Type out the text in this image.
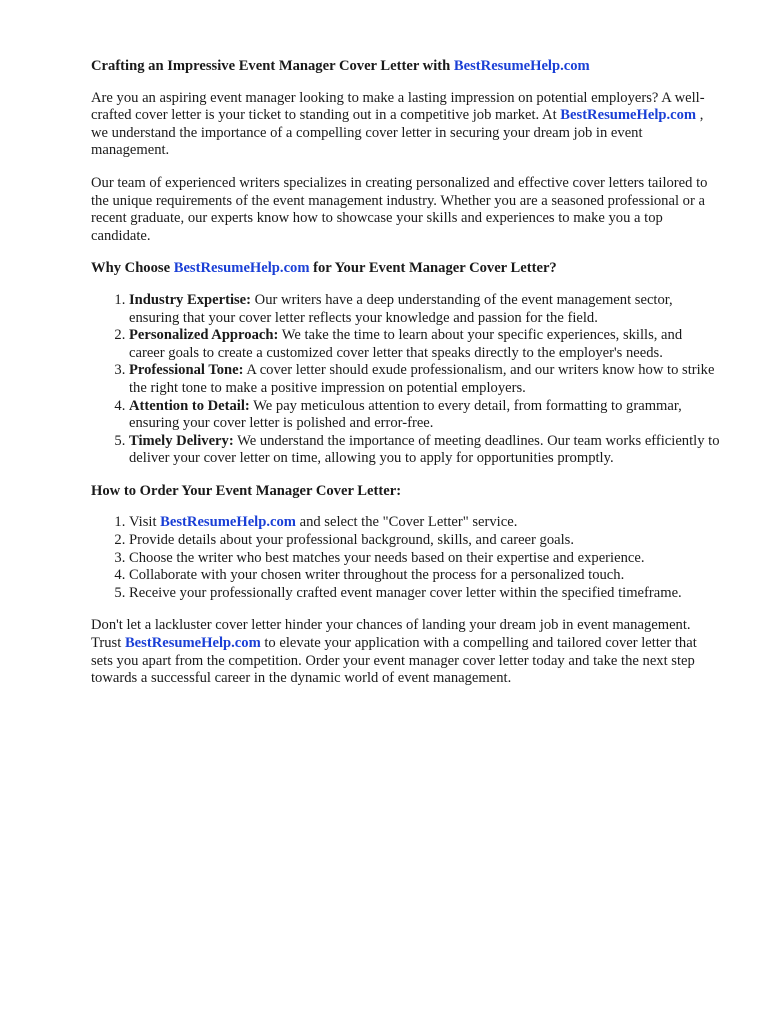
Crafting an Impressive Event Manager Cover Letter with BestResumeHelp.com

Are you an aspiring event manager looking to make a lasting impression on potential employers? A well-crafted cover letter is your ticket to standing out in a competitive job market. At BestResumeHelp.com , we understand the importance of a compelling cover letter in securing your dream job in event management.

Our team of experienced writers specializes in creating personalized and effective cover letters tailored to the unique requirements of the event management industry. Whether you are a seasoned professional or a recent graduate, our experts know how to showcase your skills and experiences to make you a top candidate.

Why Choose BestResumeHelp.com for Your Event Manager Cover Letter?
1. Industry Expertise: Our writers have a deep understanding of the event management sector, ensuring that your cover letter reflects your knowledge and passion for the field.
2. Personalized Approach: We take the time to learn about your specific experiences, skills, and career goals to create a customized cover letter that speaks directly to the employer's needs.
3. Professional Tone: A cover letter should exude professionalism, and our writers know how to strike the right tone to make a positive impression on potential employers.
4. Attention to Detail: We pay meticulous attention to every detail, from formatting to grammar, ensuring your cover letter is polished and error-free.
5. Timely Delivery: We understand the importance of meeting deadlines. Our team works efficiently to deliver your cover letter on time, allowing you to apply for opportunities promptly.
How to Order Your Event Manager Cover Letter:
1. Visit BestResumeHelp.com and select the "Cover Letter" service.
2. Provide details about your professional background, skills, and career goals.
3. Choose the writer who best matches your needs based on their expertise and experience.
4. Collaborate with your chosen writer throughout the process for a personalized touch.
5. Receive your professionally crafted event manager cover letter within the specified timeframe.

Don't let a lackluster cover letter hinder your chances of landing your dream job in event management. Trust BestResumeHelp.com to elevate your application with a compelling and tailored cover letter that sets you apart from the competition. Order your event manager cover letter today and take the next step towards a successful career in the dynamic world of event management.
